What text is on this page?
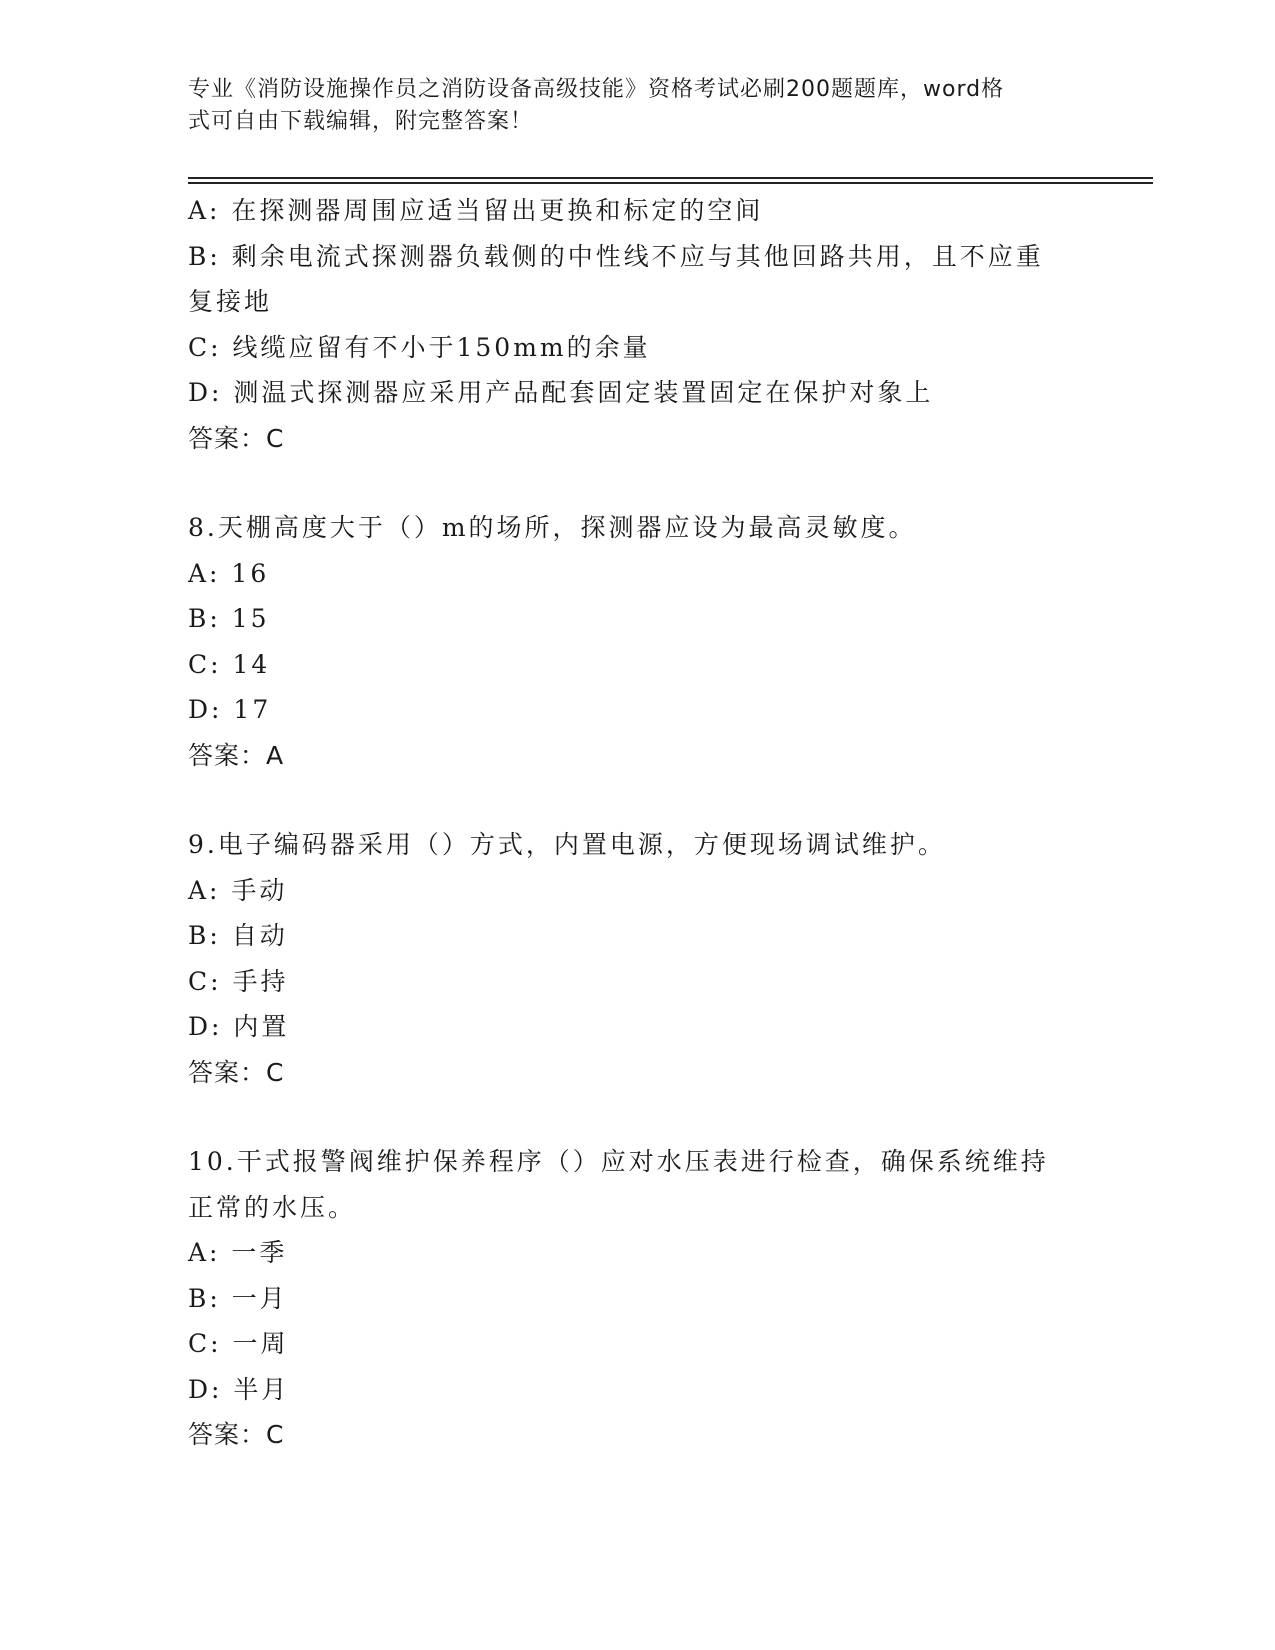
专业《消防设施操作员之消防设备高级技能》资格考试必刷200题题库，word格
式可自由下载编辑，附完整答案！
A: 在探测器周围应适当留出更换和标定的空间
B: 剩余电流式探测器负载侧的中性线不应与其他回路共用，且不应重
复接地
C: 线缆应留有不小于150mm的余量
D: 测温式探测器应采用产品配套固定装置固定在保护对象上
答案：C
8.天棚高度大于（）m的场所，探测器应设为最高灵敏度。
A: 16
B: 15
C: 14
D: 17
答案：A
9.电子编码器采用（）方式，内置电源，方便现场调试维护。
A: 手动
B: 自动
C: 手持
D: 内置
答案：C
10.干式报警阀维护保养程序（）应对水压表进行检查，确保系统维持
正常的水压。
A: 一季
B: 一月
C: 一周
D: 半月
答案：C
